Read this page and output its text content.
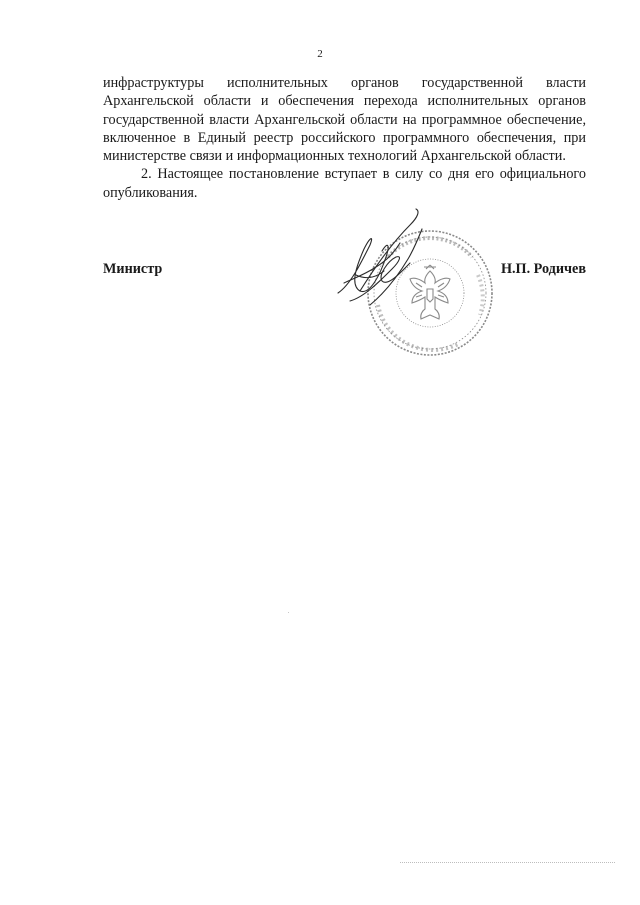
2

инфраструктуры исполнительных органов государственной власти

Архангельской области и обеспечения перехода исполнительных органов

государственной власти Архангельской области на программное обеспечение,

включенное в Единый реестр российского программного обеспечения, при

министерстве связи и информационных технологий Архангельской области.

2. Настоящее постановление вступает в силу со дня его официального

опубликования.

Министр	Н.П. Родичев
